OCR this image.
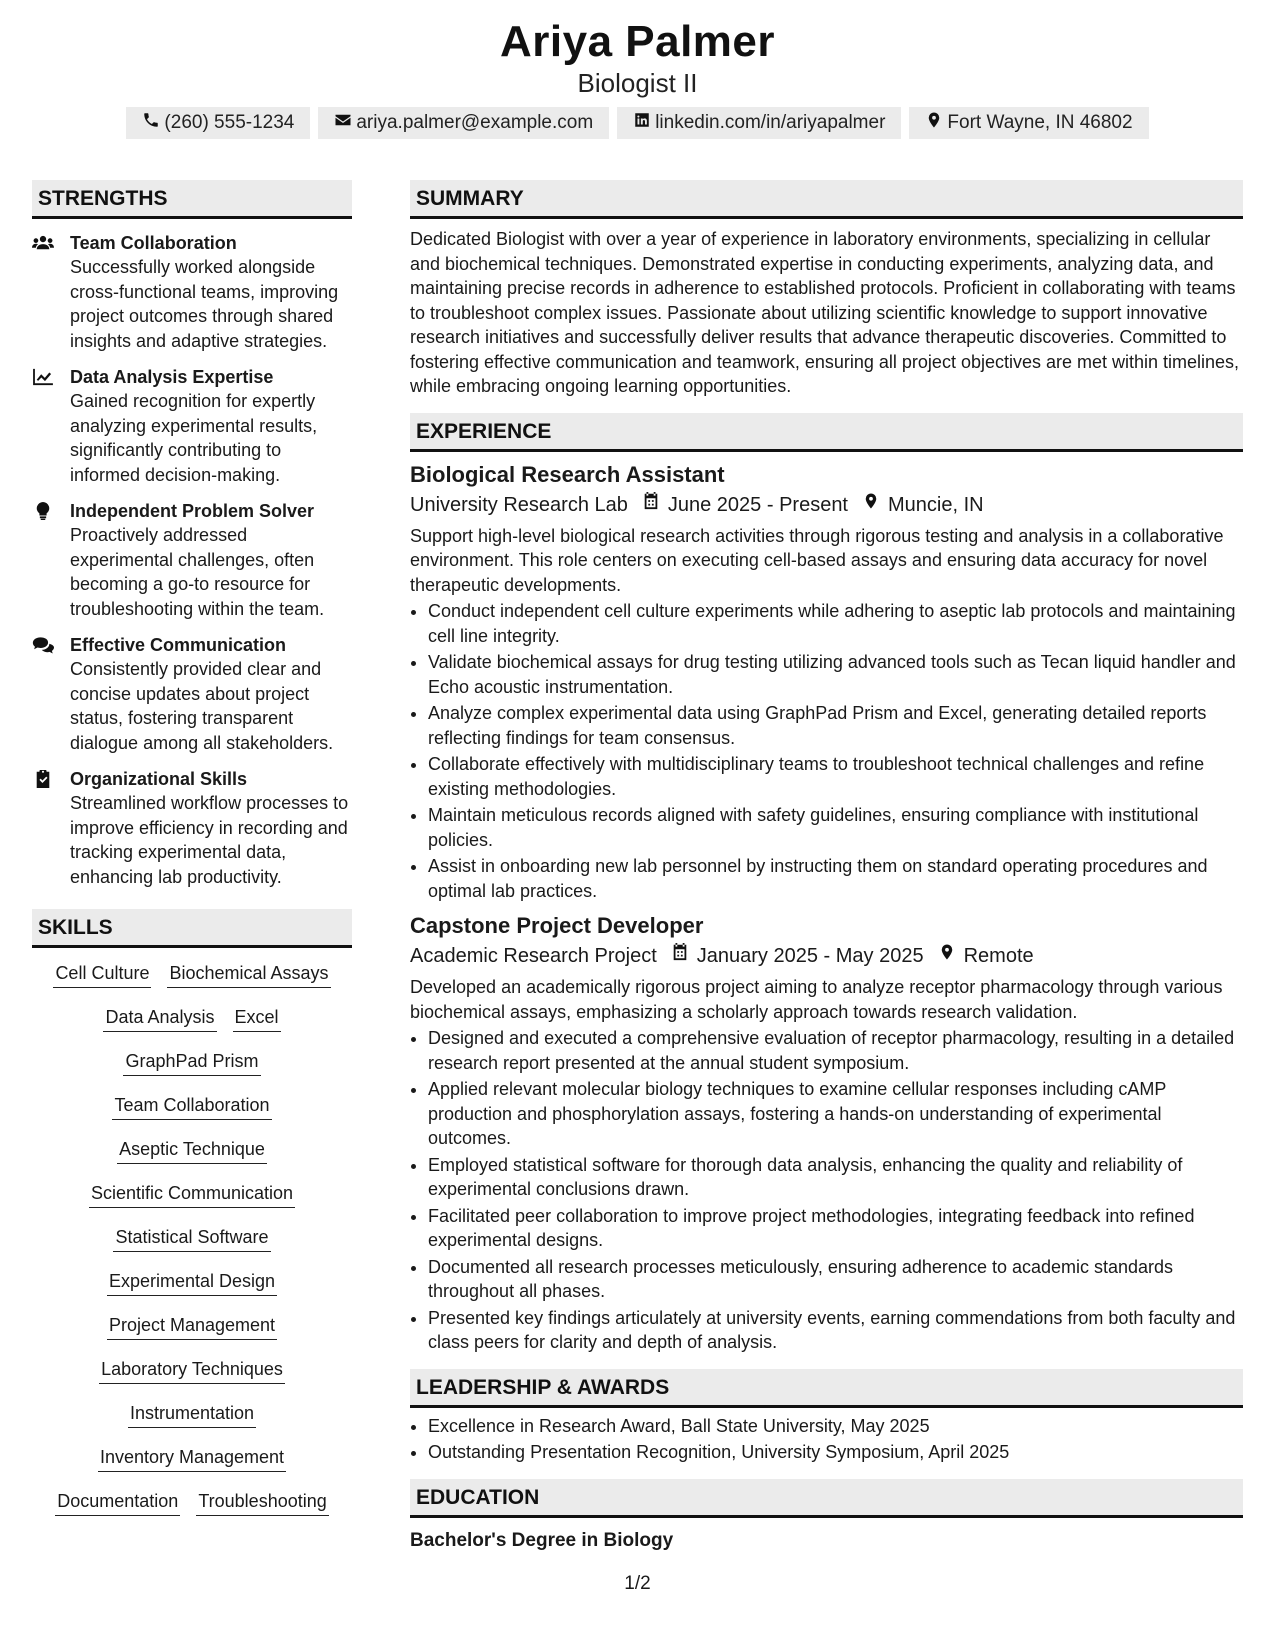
Ariya Palmer
Biologist II
(260) 555-1234	ariya.palmer@example.com	linkedin.com/in/ariyapalmer	Fort Wayne, IN 46802
STRENGTHS
Team Collaboration
Successfully worked alongside cross-functional teams, improving project outcomes through shared insights and adaptive strategies.
Data Analysis Expertise
Gained recognition for expertly analyzing experimental results, significantly contributing to informed decision-making.
Independent Problem Solver
Proactively addressed experimental challenges, often becoming a go-to resource for troubleshooting within the team.
Effective Communication
Consistently provided clear and concise updates about project status, fostering transparent dialogue among all stakeholders.
Organizational Skills
Streamlined workflow processes to improve efficiency in recording and tracking experimental data, enhancing lab productivity.
SKILLS
Cell Culture Biochemical Assays
Data Analysis Excel
GraphPad Prism
Team Collaboration
Aseptic Technique
Scientific Communication
Statistical Software
Experimental Design
Project Management
Laboratory Techniques
Instrumentation
Inventory Management
Documentation Troubleshooting
SUMMARY
Dedicated Biologist with over a year of experience in laboratory environments, specializing in cellular and biochemical techniques. Demonstrated expertise in conducting experiments, analyzing data, and maintaining precise records in adherence to established protocols. Proficient in collaborating with teams to troubleshoot complex issues. Passionate about utilizing scientific knowledge to support innovative research initiatives and successfully deliver results that advance therapeutic discoveries. Committed to fostering effective communication and teamwork, ensuring all project objectives are met within timelines, while embracing ongoing learning opportunities.
EXPERIENCE
Biological Research Assistant
University Research Lab June 2025 - Present Muncie, IN
Support high-level biological research activities through rigorous testing and analysis in a collaborative environment. This role centers on executing cell-based assays and ensuring data accuracy for novel therapeutic developments.
• Conduct independent cell culture experiments while adhering to aseptic lab protocols and maintaining cell line integrity.
• Validate biochemical assays for drug testing utilizing advanced tools such as Tecan liquid handler and Echo acoustic instrumentation.
• Analyze complex experimental data using GraphPad Prism and Excel, generating detailed reports reflecting findings for team consensus.
• Collaborate effectively with multidisciplinary teams to troubleshoot technical challenges and refine existing methodologies.
• Maintain meticulous records aligned with safety guidelines, ensuring compliance with institutional policies.
• Assist in onboarding new lab personnel by instructing them on standard operating procedures and optimal lab practices.
Capstone Project Developer
Academic Research Project January 2025 - May 2025 Remote
Developed an academically rigorous project aiming to analyze receptor pharmacology through various biochemical assays, emphasizing a scholarly approach towards research validation.
• Designed and executed a comprehensive evaluation of receptor pharmacology, resulting in a detailed research report presented at the annual student symposium.
• Applied relevant molecular biology techniques to examine cellular responses including cAMP production and phosphorylation assays, fostering a hands-on understanding of experimental outcomes.
• Employed statistical software for thorough data analysis, enhancing the quality and reliability of experimental conclusions drawn.
• Facilitated peer collaboration to improve project methodologies, integrating feedback into refined experimental designs.
• Documented all research processes meticulously, ensuring adherence to academic standards throughout all phases.
• Presented key findings articulately at university events, earning commendations from both faculty and class peers for clarity and depth of analysis.
LEADERSHIP & AWARDS
• Excellence in Research Award, Ball State University, May 2025
• Outstanding Presentation Recognition, University Symposium, April 2025
EDUCATION
Bachelor's Degree in Biology
1/2
